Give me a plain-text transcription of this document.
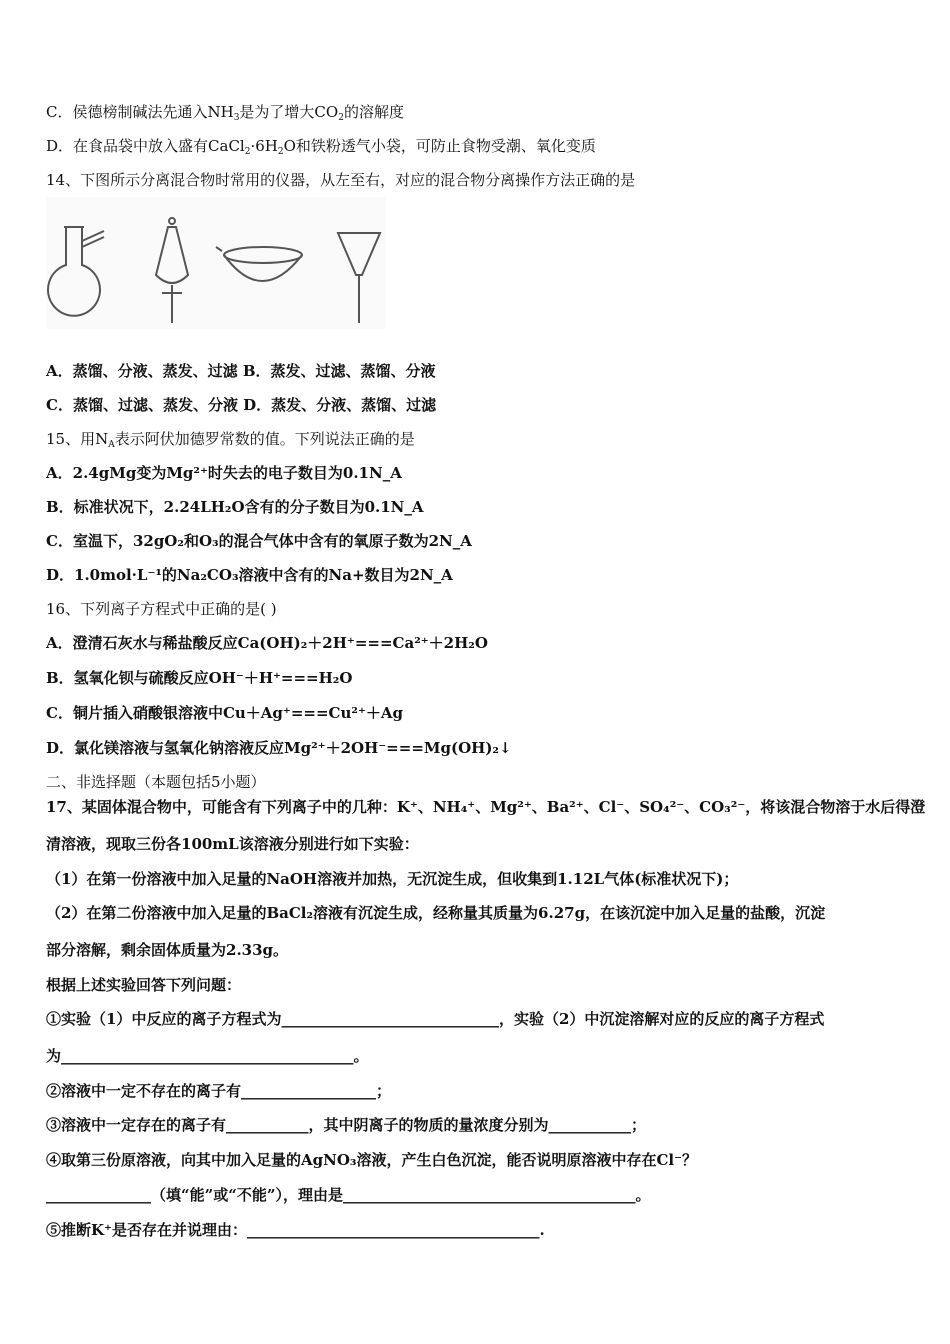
C．侯德榜制碱法先通入$NH_3$是为了增大$CO_2$的溶解度
D．在食品袋中放入盛有$CaCl_2\cdot 6H_2O$和铁粉透气小袋，可防止食物受潮、氧化变质
14、下图所示分离混合物时常用的仪器，从左至右，对应的混合物分离操作方法正确的是
A．蒸馏、分液、蒸发、过滤 B．蒸发、过滤、蒸馏、分液
C．蒸馏、过滤、蒸发、分液 D．蒸发、分液、蒸馏、过滤
15、用$N_A$表示阿伏加德罗常数的值。下列说法正确的是
A．2.4gMg变为Mg²⁺时失去的电子数目为0.1N_A
B．标准状况下，2.24LH₂O含有的分子数目为0.1N_A
C．室温下，32gO₂和O₃的混合气体中含有的氧原子数为2N_A
D．1.0mol·L⁻¹的Na₂CO₃溶液中含有的Na+数目为2N_A
16、下列离子方程式中正确的是( )
A．澄清石灰水与稀盐酸反应Ca(OH)₂＋2H⁺===Ca²⁺＋2H₂O
B．氢氧化钡与硫酸反应OH⁻＋H⁺===H₂O
C．铜片插入硝酸银溶液中Cu＋Ag⁺===Cu²⁺＋Ag
D．氯化镁溶液与氢氧化钠溶液反应Mg²⁺＋2OH⁻===Mg(OH)₂↓
二、非选择题（本题包括5小题）
17、某固体混合物中，可能含有下列离子中的几种：K⁺、NH₄⁺、Mg²⁺、Ba²⁺、Cl⁻、SO₄²⁻、CO₃²⁻，将该混合物溶于水后得澄
清溶液，现取三份各100mL该溶液分别进行如下实验：
（1）在第一份溶液中加入足量的NaOH溶液并加热，无沉淀生成，但收集到1.12L气体(标准状况下)；
（2）在第二份溶液中加入足量的BaCl₂溶液有沉淀生成，经称量其质量为6.27g，在该沉淀中加入足量的盐酸，沉淀
部分溶解，剩余固体质量为2.33g。
根据上述实验回答下列问题：
①实验（1）中反应的离子方程式为_____________________________，实验（2）中沉淀溶解对应的反应的离子方程式
为_______________________________________。
②溶液中一定不存在的离子有__________________；
③溶液中一定存在的离子有___________，其中阴离子的物质的量浓度分别为___________；
④取第三份原溶液，向其中加入足量的AgNO₃溶液，产生白色沉淀，能否说明原溶液中存在Cl⁻？
______________（填“能”或“不能”），理由是_______________________________________。
⑤推断K⁺是否存在并说理由：_______________________________________.
